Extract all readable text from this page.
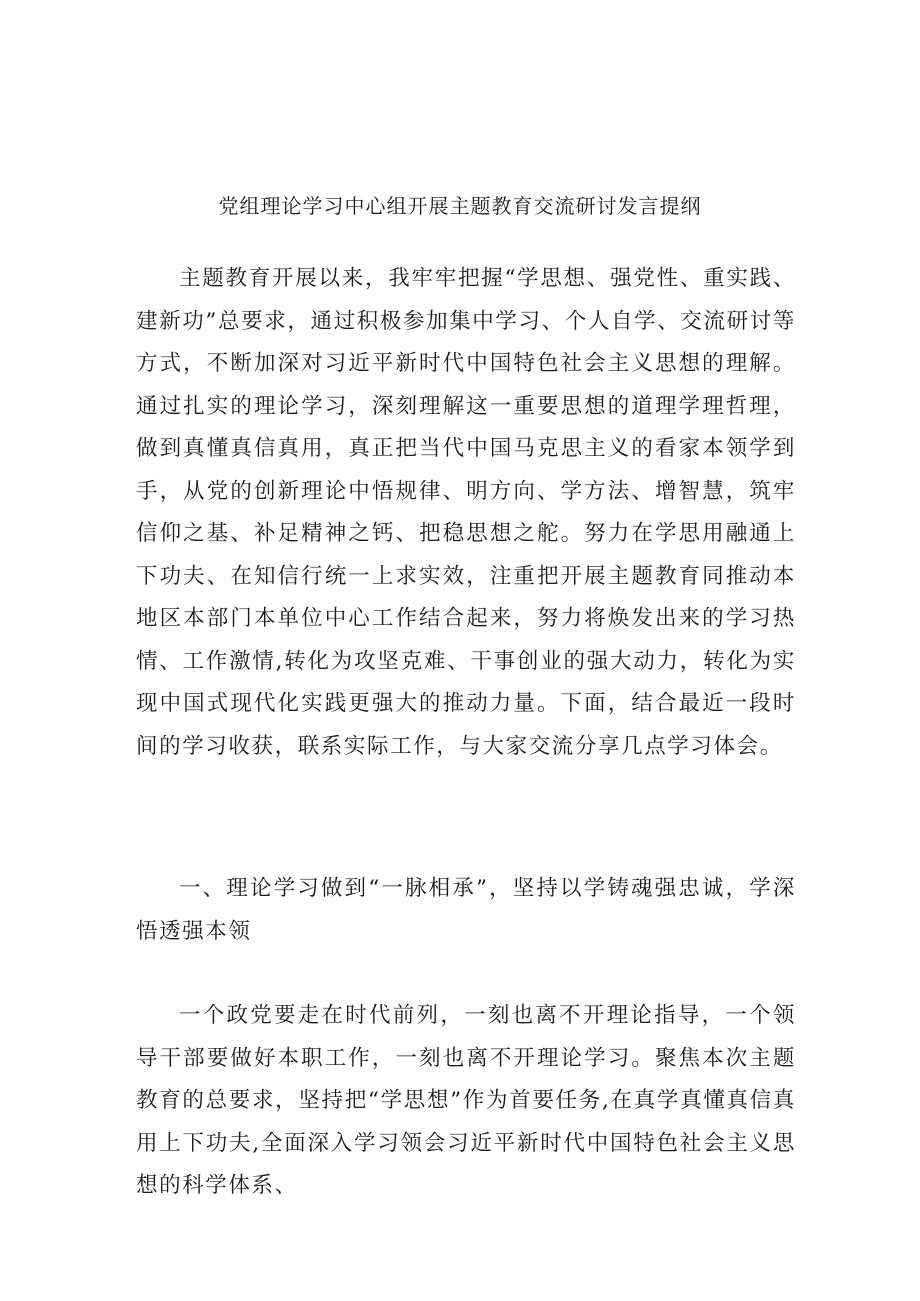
党组理论学习中心组开展主题教育交流研讨发言提纲

主题教育开展以来，我牢牢把握“学思想、强党性、重实践、建新功”总要求，通过积极参加集中学习、个人自学、交流研讨等方式，不断加深对习近平新时代中国特色社会主义思想的理解。通过扎实的理论学习，深刻理解这一重要思想的道理学理哲理，做到真懂真信真用，真正把当代中国马克思主义的看家本领学到手，从党的创新理论中悟规律、明方向、学方法、增智慧，筑牢信仰之基、补足精神之钙、把稳思想之舵。努力在学思用融通上下功夫、在知信行统一上求实效，注重把开展主题教育同推动本地区本部门本单位中心工作结合起来，努力将焕发出来的学习热情、工作激情,转化为攻坚克难、干事创业的强大动力，转化为实现中国式现代化实践更强大的推动力量。下面，结合最近一段时间的学习收获，联系实际工作，与大家交流分享几点学习体会。

一、理论学习做到“一脉相承”，坚持以学铸魂强忠诚，学深悟透强本领

一个政党要走在时代前列，一刻也离不开理论指导，一个领导干部要做好本职工作，一刻也离不开理论学习。聚焦本次主题教育的总要求，坚持把“学思想”作为首要任务,在真学真懂真信真用上下功夫,全面深入学习领会习近平新时代中国特色社会主义思想的科学体系、
